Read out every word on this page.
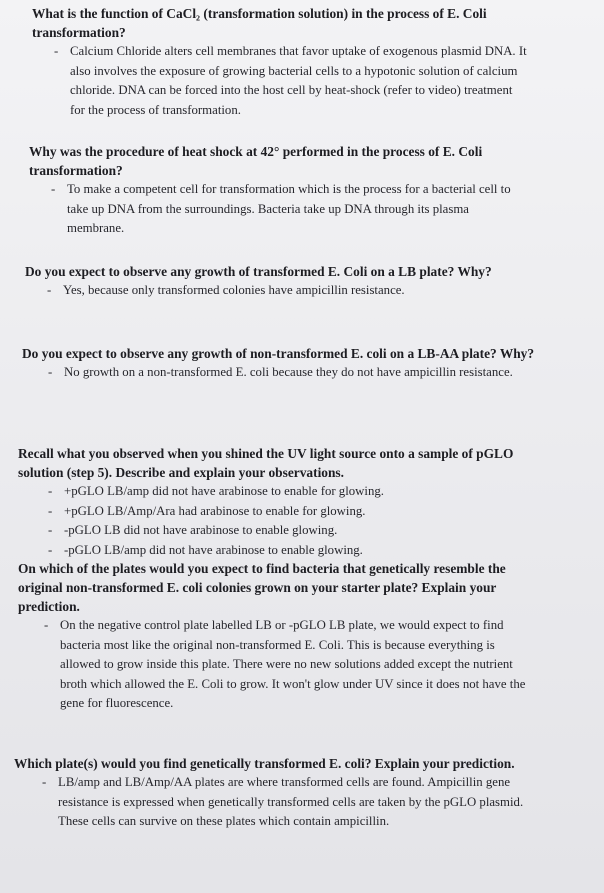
What is the function of CaCl₂ (transformation solution) in the process of E. Coli transformation?

- Calcium Chloride alters cell membranes that favor uptake of exogenous plasmid DNA. It also involves the exposure of growing bacterial cells to a hypotonic solution of calcium chloride. DNA can be forced into the host cell by heat-shock (refer to video) treatment for the process of transformation.

Why was the procedure of heat shock at 42° performed in the process of E. Coli transformation?

- To make a competent cell for transformation which is the process for a bacterial cell to take up DNA from the surroundings. Bacteria take up DNA through its plasma membrane.

Do you expect to observe any growth of transformed E. Coli on a LB plate? Why?

- Yes, because only transformed colonies have ampicillin resistance.

Do you expect to observe any growth of non-transformed E. coli on a LB-AA plate? Why?

- No growth on a non-transformed E. coli because they do not have ampicillin resistance.

Recall what you observed when you shined the UV light source onto a sample of pGLO solution (step 5). Describe and explain your observations.

- +pGLO LB/amp did not have arabinose to enable for glowing.
- +pGLO LB/Amp/Ara had arabinose to enable for glowing.
- -pGLO LB did not have arabinose to enable glowing.
- -pGLO LB/amp did not have arabinose to enable glowing.

On which of the plates would you expect to find bacteria that genetically resemble the original non-transformed E. coli colonies grown on your starter plate? Explain your prediction.

- On the negative control plate labelled LB or -pGLO LB plate, we would expect to find bacteria most like the original non-transformed E. Coli. This is because everything is allowed to grow inside this plate. There were no new solutions added except the nutrient broth which allowed the E. Coli to grow. It won't glow under UV since it does not have the gene for fluorescence.

Which plate(s) would you find genetically transformed E. coli? Explain your prediction.

- LB/amp and LB/Amp/AA plates are where transformed cells are found. Ampicillin gene resistance is expressed when genetically transformed cells are taken by the pGLO plasmid. These cells can survive on these plates which contain ampicillin.
